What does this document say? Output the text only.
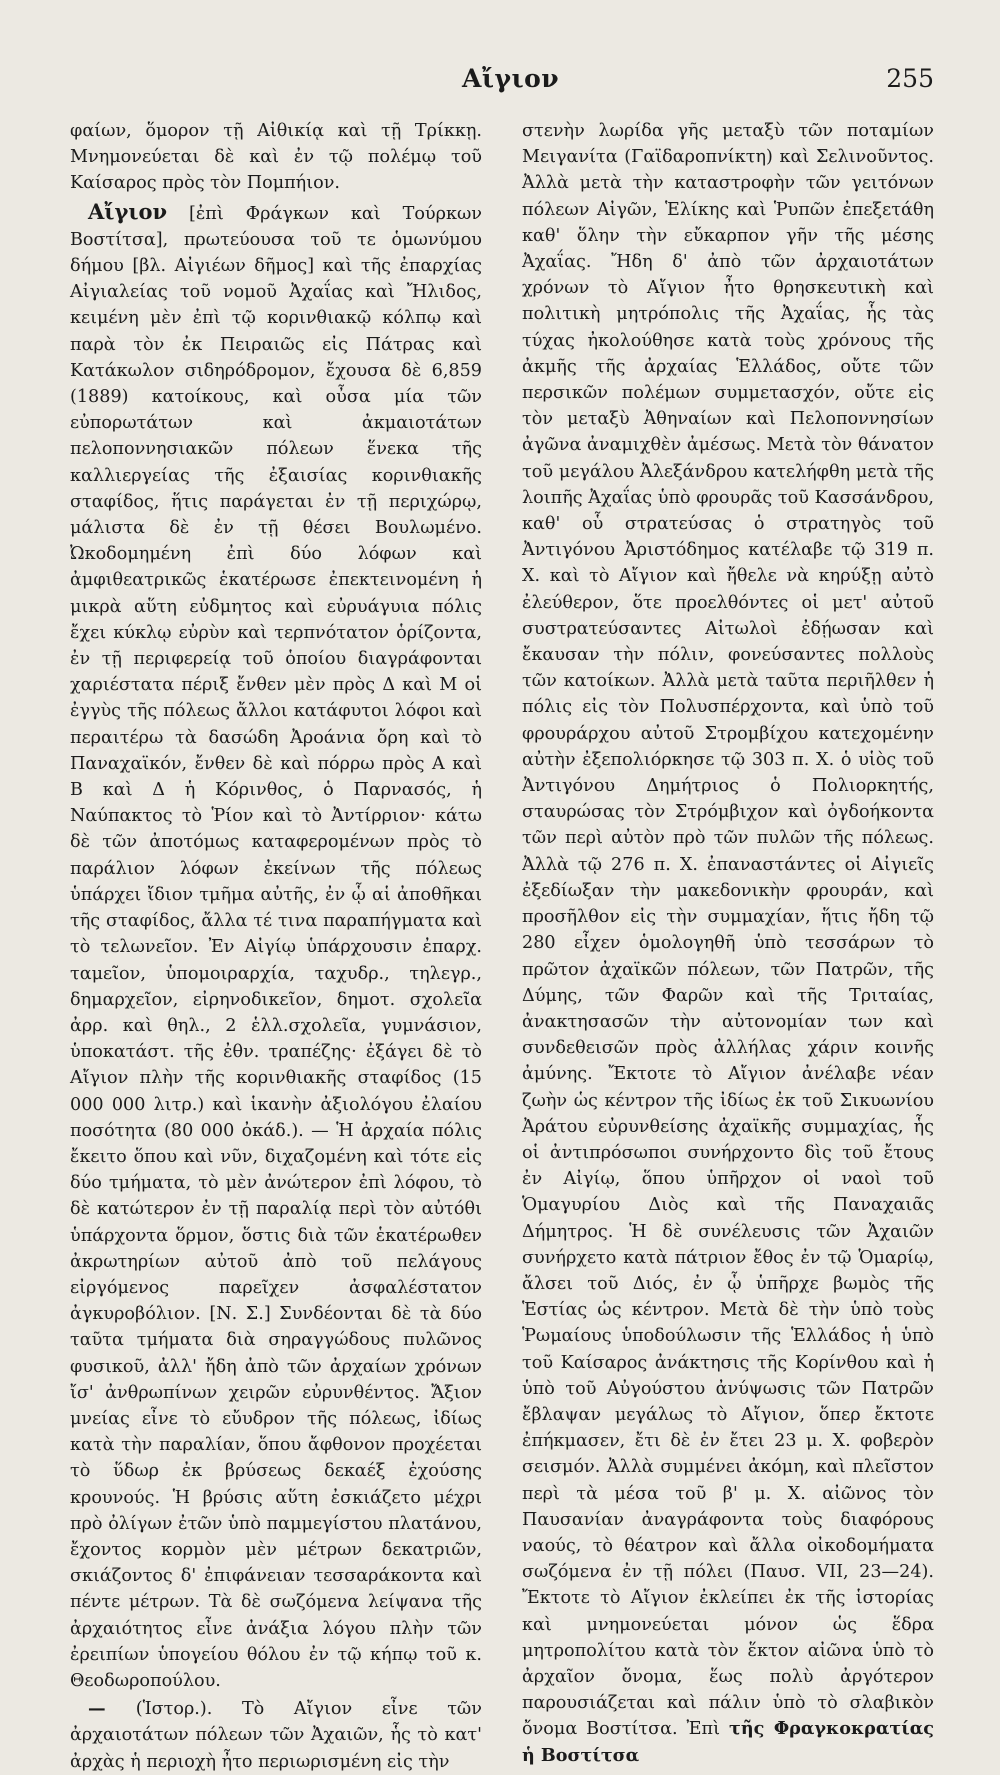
Αἴγιον	255

φαίων, ὅμορον τῇ Αἰθικίᾳ καὶ τῇ Τρίκκῃ. Μνημονεύεται δὲ καὶ ἐν τῷ πολέμῳ τοῦ Καίσαρος πρὸς τὸν Πομπήιον.

Αἴγιον [ἐπὶ Φράγκων καὶ Τούρκων Βοστίτσα], πρωτεύουσα τοῦ τε ὁμωνύμου δήμου [βλ. Αἰγιέων δῆμος] καὶ τῆς ἐπαρχίας Αἰγιαλείας τοῦ νομοῦ Ἀχαΐας καὶ Ἤλιδος, κειμένη μὲν ἐπὶ τῷ κορινθιακῷ κόλπῳ καὶ παρὰ τὸν ἐκ Πειραιῶς εἰς Πάτρας καὶ Κατάκωλον σιδηρόδρομον, ἔχουσα δὲ 6,859 (1889) κατοίκους, καὶ οὖσα μία τῶν εὐπορωτάτων καὶ ἀκμαιοτάτων πελοποννησιακῶν πόλεων ἕνεκα τῆς καλλιεργείας τῆς ἐξαισίας κορινθιακῆς σταφίδος, ἥτις παράγεται ἐν τῇ περιχώρῳ, μάλιστα δὲ ἐν τῇ θέσει Βουλωμένο. Ὠκοδομημένη ἐπὶ δύο λόφων καὶ ἀμφιθεατρικῶς ἑκατέρωσε ἐπεκτεινομένη ἡ μικρὰ αὕτη εὐδμητος καὶ εὐρυάγυια πόλις ἔχει κύκλῳ εὐρὺν καὶ τερπνότατον ὁρίζοντα, ἐν τῇ περιφερείᾳ τοῦ ὁποίου διαγράφονται χαριέστατα πέριξ ἔνθεν μὲν πρὸς Δ καὶ Μ οἱ ἐγγὺς τῆς πόλεως ἄλλοι κατάφυτοι λόφοι καὶ περαιτέρω τὰ δασώδη Ἀροάνια ὄρη καὶ τὸ Παναχαϊκόν, ἔνθεν δὲ καὶ πόρρω πρὸς Α καὶ Β καὶ Δ ἡ Κόρινθος, ὁ Παρνασός, ἡ Ναύπακτος τὸ Ῥίον καὶ τὸ Ἀντίρριον· κάτω δὲ τῶν ἀποτόμως καταφερομένων πρὸς τὸ παράλιον λόφων ἐκείνων τῆς πόλεως ὑπάρχει ἴδιον τμῆμα αὐτῆς, ἐν ᾧ αἱ ἀποθῆκαι τῆς σταφίδος, ἄλλα τέ τινα παραπήγματα καὶ τὸ τελωνεῖον. Ἐν Αἰγίῳ ὑπάρχουσιν ἐπαρχ. ταμεῖον, ὑπομοιραρχία, ταχυδρ., τηλεγρ., δημαρχεῖον, εἰρηνοδικεῖον, δημοτ. σχολεῖα ἀρρ. καὶ θηλ., 2 ἑλλ.σχολεῖα, γυμνάσιον, ὑποκατάστ. τῆς ἐθν. τραπέζης· ἐξάγει δὲ τὸ Αἴγιον πλὴν τῆς κορινθιακῆς σταφίδος (15 000 000 λιτρ.) καὶ ἱκανὴν ἀξιολόγου ἐλαίου ποσότητα (80 000 ὀκάδ.). — Ἡ ἀρχαία πόλις ἔκειτο ὅπου καὶ νῦν, διχαζομένη καὶ τότε εἰς δύο τμήματα, τὸ μὲν ἀνώτερον ἐπὶ λόφου, τὸ δὲ κατώτερον ἐν τῇ παραλίᾳ περὶ τὸν αὐτόθι ὑπάρχοντα ὅρμον, ὅστις διὰ τῶν ἑκατέρωθεν ἀκρωτηρίων αὐτοῦ ἀπὸ τοῦ πελάγους εἰργόμενος παρεῖχεν ἀσφαλέστατον ἀγκυροβόλιον. [Ν. Σ.] Συνδέονται δὲ τὰ δύο ταῦτα τμήματα διὰ σηραγγώδους πυλῶνος φυσικοῦ, ἀλλ' ἤδη ἀπὸ τῶν ἀρχαίων χρόνων ἴσ' ἀνθρωπίνων χειρῶν εὐρυνθέντος. Ἄξιον μνείας εἶνε τὸ εὔυδρον τῆς πόλεως, ἰδίως κατὰ τὴν παραλίαν, ὅπου ἄφθονον προχέεται τὸ ὕδωρ ἐκ βρύσεως δεκαέξ ἐχούσης κρουνούς. Ἡ βρύσις αὕτη ἐσκιάζετο μέχρι πρὸ ὀλίγων ἐτῶν ὑπὸ παμμεγίστου πλατάνου, ἔχοντος κορμὸν μὲν μέτρων δεκατριῶν, σκιάζοντος δ' ἐπιφάνειαν τεσσαράκοντα καὶ πέντε μέτρων. Τὰ δὲ σωζόμενα λείψανα τῆς ἀρχαιότητος εἶνε ἀνάξια λόγου πλὴν τῶν ἐρειπίων ὑπογείου θόλου ἐν τῷ κήπῳ τοῦ κ. Θεοδωροπούλου.

— (Ἱστορ.). Τὸ Αἴγιον εἶνε τῶν ἀρχαιοτάτων πόλεων τῶν Ἀχαιῶν, ἧς τὸ κατ' ἀρχὰς ἡ περιοχὴ ἦτο περιωρισμένη εἰς τὴν

στενὴν λωρίδα γῆς μεταξὺ τῶν ποταμίων Μειγανίτα (Γαϊδαροπνίκτη) καὶ Σελινοῦντος. Ἀλλὰ μετὰ τὴν καταστροφὴν τῶν γειτόνων πόλεων Αἰγῶν, Ἑλίκης καὶ Ῥυπῶν ἐπεξετάθη καθ' ὅλην τὴν εὔκαρπον γῆν τῆς μέσης Ἀχαΐας. Ἤδη δ' ἀπὸ τῶν ἀρχαιοτάτων χρόνων τὸ Αἴγιον ἦτο θρησκευτικὴ καὶ πολιτικὴ μητρόπολις τῆς Ἀχαΐας, ἧς τὰς τύχας ἠκολούθησε κατὰ τοὺς χρόνους τῆς ἀκμῆς τῆς ἀρχαίας Ἑλλάδος, οὔτε τῶν περσικῶν πολέμων συμμετασχόν, οὔτε εἰς τὸν μεταξὺ Ἀθηναίων καὶ Πελοποννησίων ἀγῶνα ἀναμιχθὲν ἀμέσως. Μετὰ τὸν θάνατον τοῦ μεγάλου Ἀλεξάνδρου κατελήφθη μετὰ τῆς λοιπῆς Ἀχαΐας ὑπὸ φρουρᾶς τοῦ Κασσάνδρου, καθ' οὗ στρατεύσας ὁ στρατηγὸς τοῦ Ἀντιγόνου Ἀριστόδημος κατέλαβε τῷ 319 π. Χ. καὶ τὸ Αἴγιον καὶ ἤθελε νὰ κηρύξῃ αὐτὸ ἐλεύθερον, ὅτε προελθόντες οἱ μετ' αὐτοῦ συστρατεύσαντες Αἰτωλοὶ ἐδῄωσαν καὶ ἔκαυσαν τὴν πόλιν, φονεύσαντες πολλοὺς τῶν κατοίκων. Ἀλλὰ μετὰ ταῦτα περιῆλθεν ἡ πόλις εἰς τὸν Πολυσπέρχοντα, καὶ ὑπὸ τοῦ φρουράρχου αὐτοῦ Στρομβίχου κατεχομένην αὐτὴν ἐξεπολιόρκησε τῷ 303 π. Χ. ὁ υἱὸς τοῦ Ἀντιγόνου Δημήτριος ὁ Πολιορκητής, σταυρώσας τὸν Στρόμβιχον καὶ ὀγδοήκοντα τῶν περὶ αὐτὸν πρὸ τῶν πυλῶν τῆς πόλεως. Ἀλλὰ τῷ 276 π. Χ. ἐπαναστάντες οἱ Αἰγιεῖς ἐξεδίωξαν τὴν μακεδονικὴν φρουράν, καὶ προσῆλθον εἰς τὴν συμμαχίαν, ἥτις ἤδη τῷ 280 εἶχεν ὁμολογηθῆ ὑπὸ τεσσάρων τὸ πρῶτον ἀχαϊκῶν πόλεων, τῶν Πατρῶν, τῆς Δύμης, τῶν Φαρῶν καὶ τῆς Τριταίας, ἀνακτησασῶν τὴν αὐτονομίαν των καὶ συνδεθεισῶν πρὸς ἀλλήλας χάριν κοινῆς ἀμύνης. Ἔκτοτε τὸ Αἴγιον ἀνέλαβε νέαν ζωὴν ὡς κέντρον τῆς ἰδίως ἐκ τοῦ Σικυωνίου Ἀράτου εὐρυνθείσης ἀχαϊκῆς συμμαχίας, ἧς οἱ ἀντιπρόσωποι συνήρχοντο δὶς τοῦ ἔτους ἐν Αἰγίῳ, ὅπου ὑπῆρχον οἱ ναοὶ τοῦ Ὁμαγυρίου Διὸς καὶ τῆς Παναχαιᾶς Δήμητρος. Ἡ δὲ συνέλευσις τῶν Ἀχαιῶν συνήρχετο κατὰ πάτριον ἔθος ἐν τῷ Ὁμαρίῳ, ἄλσει τοῦ Διός, ἐν ᾧ ὑπῆρχε βωμὸς τῆς Ἑστίας ὡς κέντρον. Μετὰ δὲ τὴν ὑπὸ τοὺς Ῥωμαίους ὑποδούλωσιν τῆς Ἑλλάδος ἡ ὑπὸ τοῦ Καίσαρος ἀνάκτησις τῆς Κορίνθου καὶ ἡ ὑπὸ τοῦ Αὐγούστου ἀνύψωσις τῶν Πατρῶν ἔβλαψαν μεγάλως τὸ Αἴγιον, ὅπερ ἔκτοτε ἐπήκμασεν, ἔτι δὲ ἐν ἔτει 23 μ. Χ. φοβερὸν σεισμόν. Ἀλλὰ συμμένει ἀκόμη, καὶ πλεῖστον περὶ τὰ μέσα τοῦ β' μ. Χ. αἰῶνος τὸν Παυσανίαν ἀναγράφοντα τοὺς διαφόρους ναούς, τὸ θέατρον καὶ ἄλλα οἰκοδομήματα σωζόμενα ἐν τῇ πόλει (Παυσ. VII, 23—24). Ἔκτοτε τὸ Αἴγιον ἐκλείπει ἐκ τῆς ἱστορίας καὶ μνημονεύεται μόνον ὡς ἕδρα μητροπολίτου κατὰ τὸν ἕκτον αἰῶνα ὑπὸ τὸ ἀρχαῖον ὄνομα, ἕως πολὺ ἀργότερον παρουσιάζεται καὶ πάλιν ὑπὸ τὸ σλαβικὸν ὄνομα Βοστίτσα. Ἐπὶ τῆς Φραγκοκρατίας ἡ Βοστίτσα
